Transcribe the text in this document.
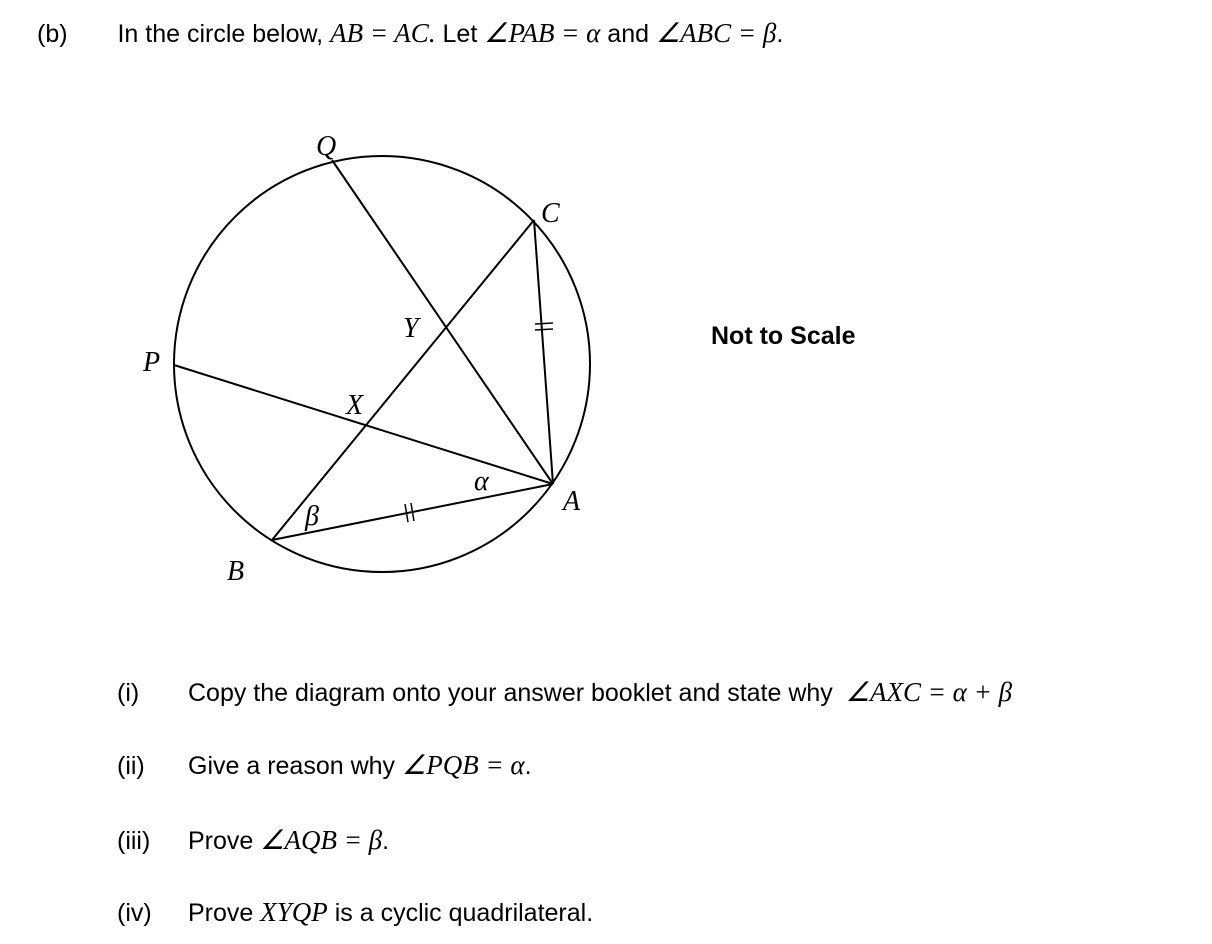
(b) In the circle below, AB = AC. Let ∠PAB = α and ∠ABC = β.
Q
C
Y
P
X
A
B
α
β
Not to Scale
(i) Copy the diagram onto your answer booklet and state why ∠AXC = α + β
(ii) Give a reason why ∠PQB = α.
(iii) Prove ∠AQB = β.
(iv) Prove XYQP is a cyclic quadrilateral.
